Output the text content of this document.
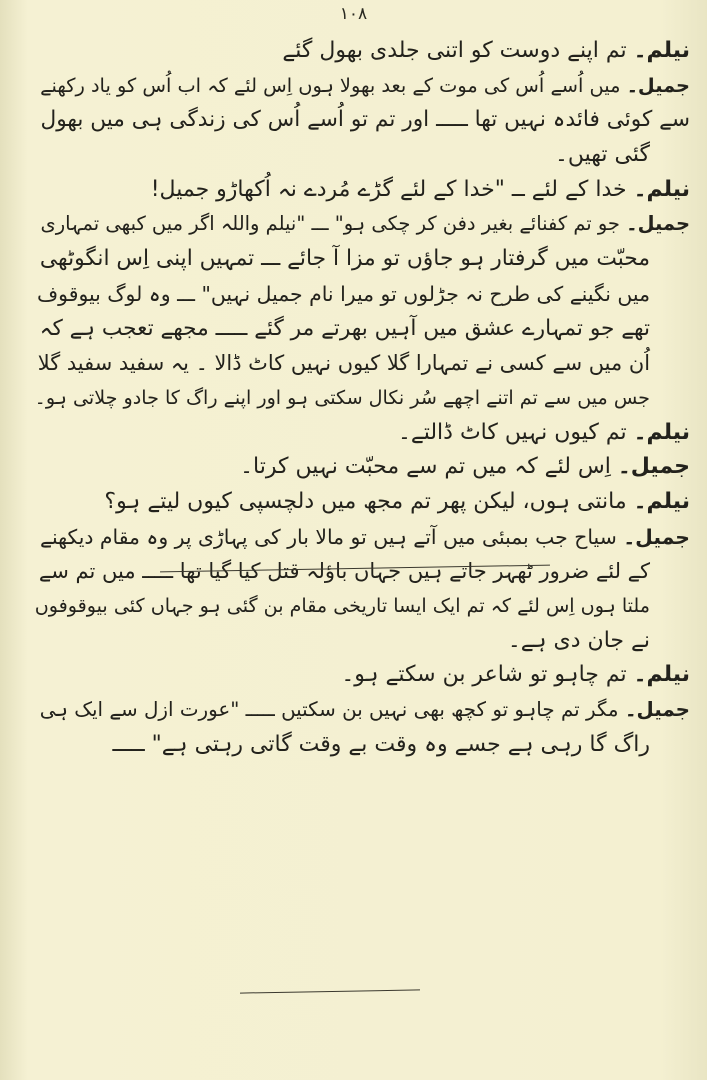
۱۰۸
نیلم۔ تم اپنے دوست کو اتنی جلدی بھول گئے
جمیل۔ میں اُسے اُس کی موت کے بعد بھولا ہوں اِس لئے کہ اب اُس کو یاد رکھنے
سے کوئی فائدہ نہیں تھا ـــــ اور تم تو اُسے اُس کی زندگی ہی میں بھول
گئی تھیں۔
نیلم۔ خدا کے لئے ــ "خدا کے لئے گڑے مُردے نہ اُکھاڑو جمیل!
جمیل۔ جو تم کفنائے بغیر دفن کر چکی ہو" ـــ "نیلم واللہ اگر میں کبھی تمہاری
محبّت میں گرفتار ہو جاؤں تو مزا آ جائے ـــ تمہیں اپنی اِس انگوٹھی
میں نگینے کی طرح نہ جڑلوں تو میرا نام جمیل نہیں" ـــ وہ لوگ بیوقوف
تھے جو تمہارے عشق میں آہیں بھرتے مر گئے ـــــ مجھے تعجب ہے کہ
اُن میں سے کسی نے تمہارا گلا کیوں نہیں کاٹ ڈالا ۔ یہ سفید سفید گلا
جس میں سے تم اتنے اچھے سُر نکال سکتی ہو اور اپنے راگ کا جادو چلاتی ہو۔
نیلم۔ تم کیوں نہیں کاٹ ڈالتے۔
جمیل۔ اِس لئے کہ میں تم سے محبّت نہیں کرتا۔
نیلم۔ مانتی ہوں، لیکن پھر تم مجھ میں دلچسپی کیوں لیتے ہو؟
جمیل۔ سیاح جب بمبئی میں آتے ہیں تو مالا بار کی پہاڑی پر وہ مقام دیکھنے
کے لئے ضرور ٹھہر جاتے ہیں جہاں باؤلہ قتل کیا گیا تھا ـــــ میں تم سے
ملتا ہوں اِس لئے کہ تم ایک ایسا تاریخی مقام بن گئی ہو جہاں کئی بیوقوفوں
نے جان دی ہے۔
نیلم۔ تم چاہو تو شاعر بن سکتے ہو۔
جمیل۔ مگر تم چاہو تو کچھ بھی نہیں بن سکتیں ـــــ "عورت ازل سے ایک ہی
راگ گا رہی ہے جسے وہ وقت بے وقت گاتی رہتی ہے" ـــــ
